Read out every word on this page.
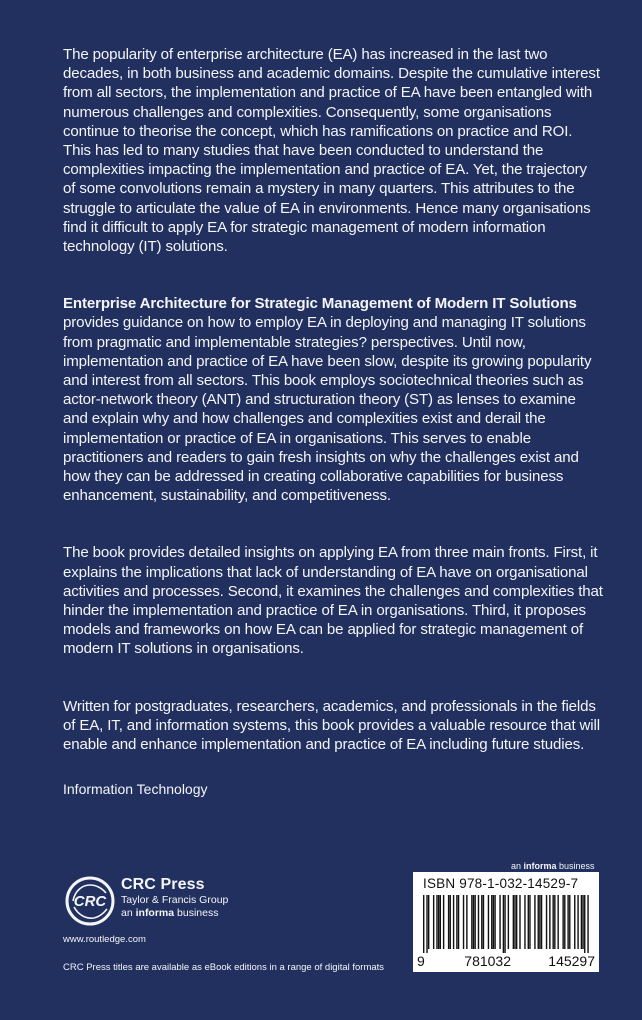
The popularity of enterprise architecture (EA) has increased in the last two decades, in both business and academic domains. Despite the cumulative interest from all sectors, the implementation and practice of EA have been entangled with numerous challenges and complexities. Consequently, some organisations continue to theorise the concept, which has ramifications on practice and ROI. This has led to many studies that have been conducted to understand the complexities impacting the implementation and practice of EA. Yet, the trajectory of some convolutions remain a mystery in many quarters. This attributes to the struggle to articulate the value of EA in environments. Hence many organisations find it difficult to apply EA for strategic management of modern information technology (IT) solutions.

Enterprise Architecture for Strategic Management of Modern IT Solutions provides guidance on how to employ EA in deploying and managing IT solutions from pragmatic and implementable strategies? perspectives. Until now, implementation and practice of EA have been slow, despite its growing popularity and interest from all sectors. This book employs sociotechnical theories such as actor-network theory (ANT) and structuration theory (ST) as lenses to examine and explain why and how challenges and complexities exist and derail the implementation or practice of EA in organisations. This serves to enable practitioners and readers to gain fresh insights on why the challenges exist and how they can be addressed in creating collaborative capabilities for business enhancement, sustainability, and competitiveness.

The book provides detailed insights on applying EA from three main fronts. First, it explains the implications that lack of understanding of EA have on organisational activities and processes. Second, it examines the challenges and complexities that hinder the implementation and practice of EA in organisations. Third, it proposes models and frameworks on how EA can be applied for strategic management of modern IT solutions in organisations.

Written for postgraduates, researchers, academics, and professionals in the fields of EA, IT, and information systems, this book provides a valuable resource that will enable and enhance implementation and practice of EA including future studies.

Information Technology
an informa business
CRC
CRC Press
Taylor & Francis Group
an informa business
www.routledge.com
CRC Press titles are available as eBook editions in a range of digital formats
ISBN 978-1-032-14529-7
9	781032	145297
